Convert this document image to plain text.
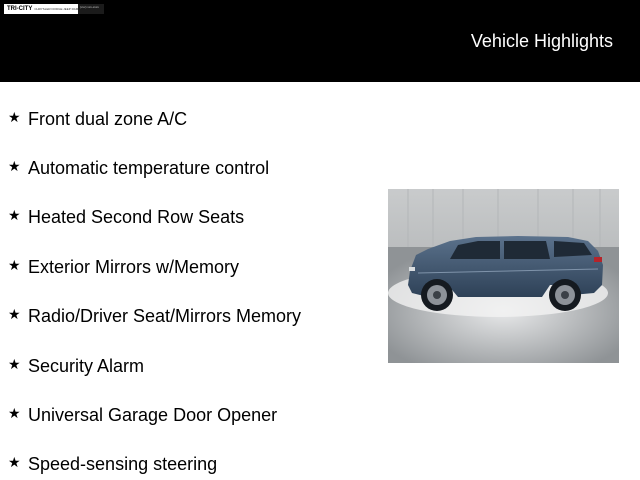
TRI-CITY CHRYSLER DODGE JEEP RAM (xxx) xxx-xxxx
Vehicle Highlights
★ Front dual zone A/C
★ Automatic temperature control
★ Heated Second Row Seats
★ Exterior Mirrors w/Memory
★ Radio/Driver Seat/Mirrors Memory
★ Security Alarm
★ Universal Garage Door Opener
★ Speed-sensing steering
